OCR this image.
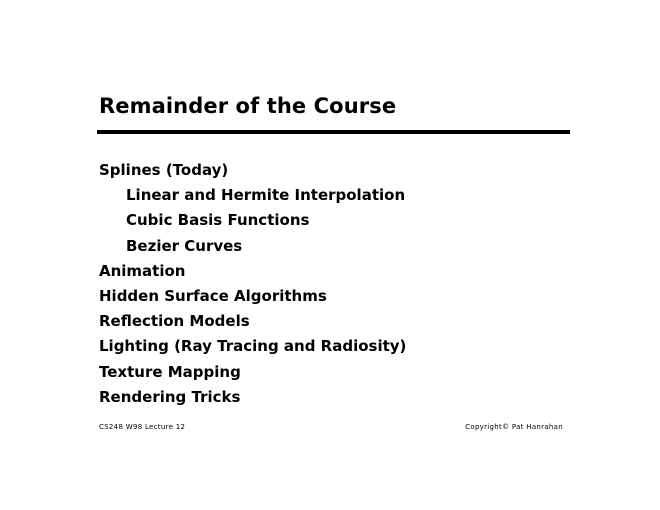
Remainder of the Course
Splines (Today)
Linear and Hermite Interpolation
Cubic Basis Functions
Bezier Curves
Animation
Hidden Surface Algorithms
Reflection Models
Lighting (Ray Tracing and Radiosity)
Texture Mapping
Rendering Tricks
CS248 W98 Lecture 12	Copyright© Pat Hanrahan
